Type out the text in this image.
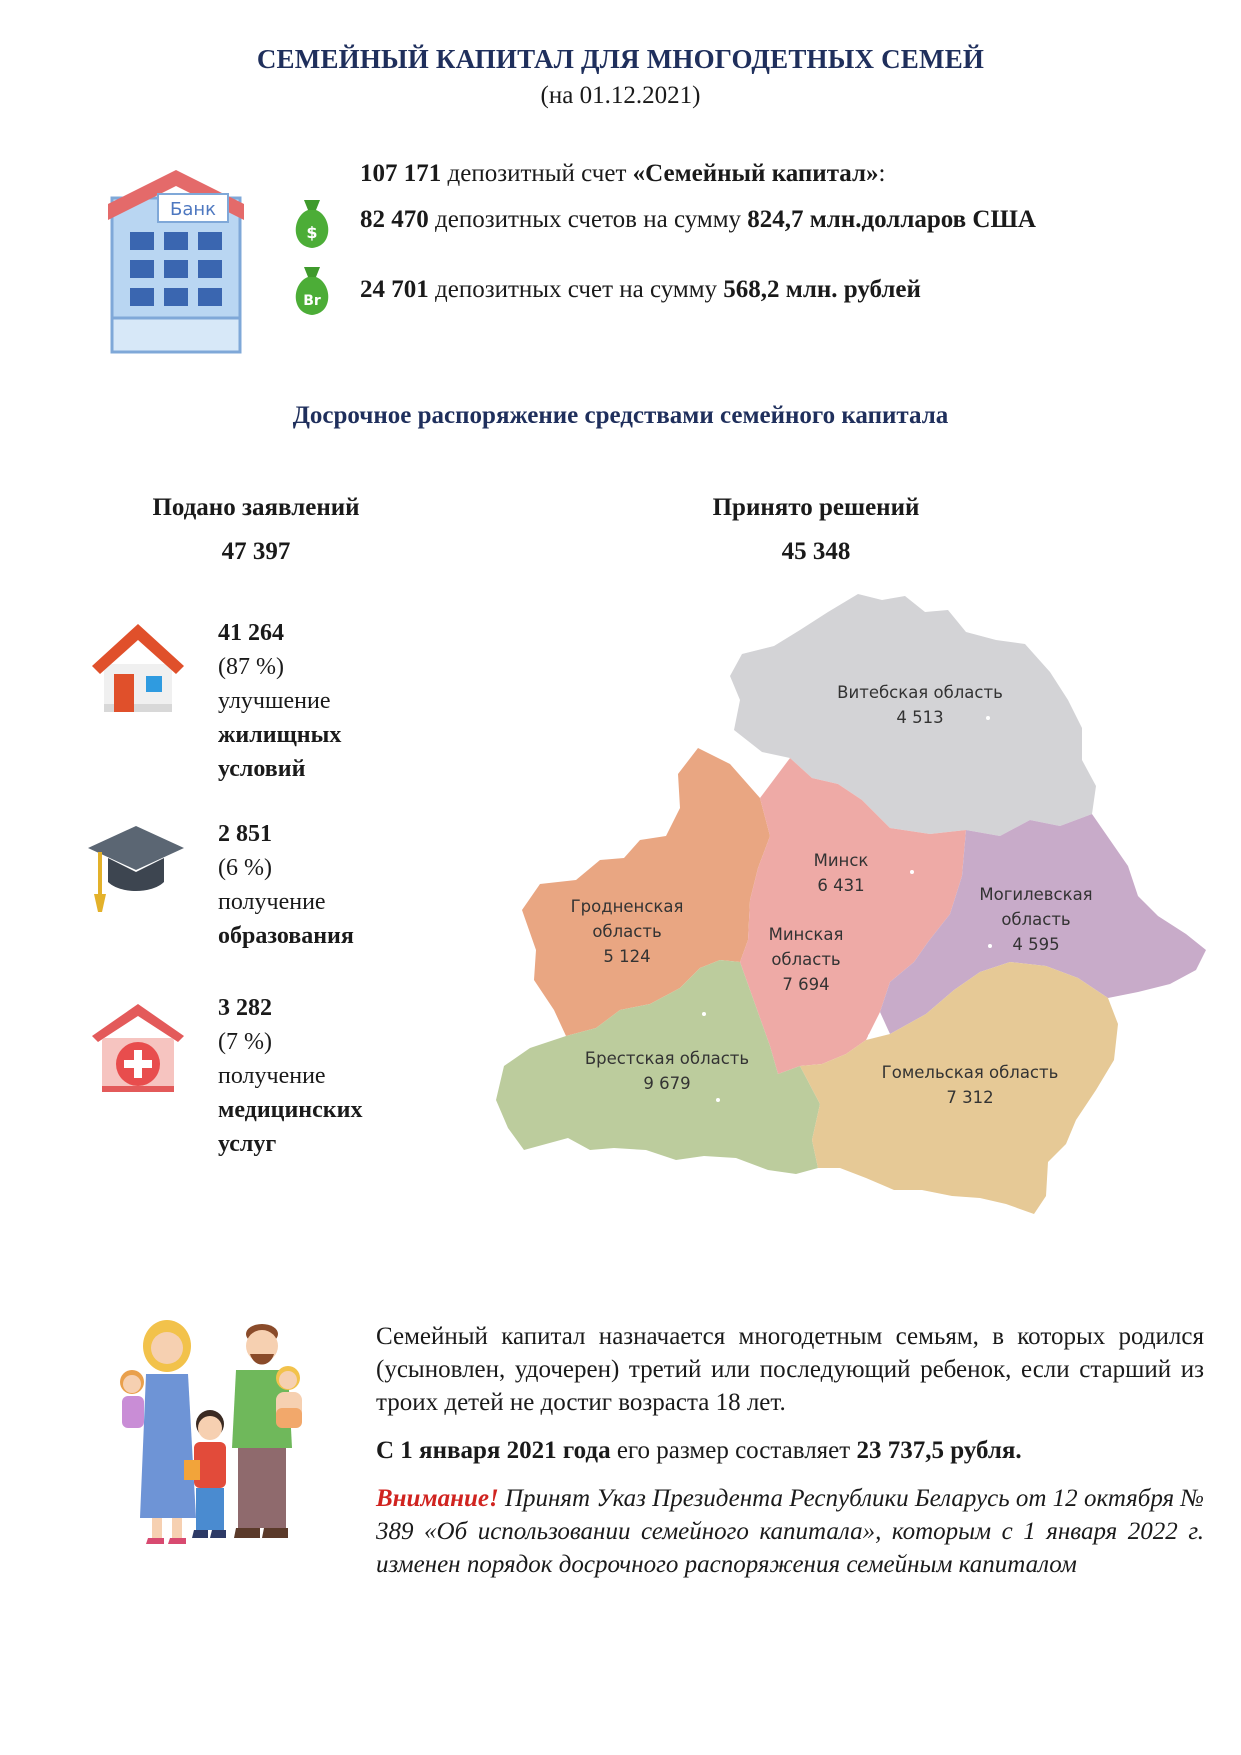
СЕМЕЙНЫЙ КАПИТАЛ ДЛЯ МНОГОДЕТНЫХ СЕМЕЙ
(на 01.12.2021)
Банк
$
Br
107 171 депозитный счет «Семейный капитал»:
82 470 депозитных счетов на сумму 824,7 млн.долларов США
24 701 депозитных счет на сумму 568,2 млн. рублей
Досрочное распоряжение средствами семейного капитала
Подано заявлений
47 397
Принято решений
45 348
41 264
(87 %)
улучшение
жилищных
условий
2 851
(6 %)
получение
образования
3 282
(7 %)
получение
медицинских
услуг
Витебская область
4 513
Минск
6 431	Могилевская
область
4 595
Гродненская
область
5 124
Минская
область
7 694
Брестская область
9 679
Гомельская область
7 312
Семейный капитал назначается многодетным семьям, в которых родился (усыновлен, удочерен) третий или последующий ребенок, если старший из троих детей не достиг возраста 18 лет.
С 1 января 2021 года его размер составляет 23 737,5 рубля.
Внимание! Принят Указ Президента Республики Беларусь от 12 октября № 389 «Об использовании семейного капитала», которым с 1 января 2022 г. изменен порядок досрочного распоряжения семейным капиталом
